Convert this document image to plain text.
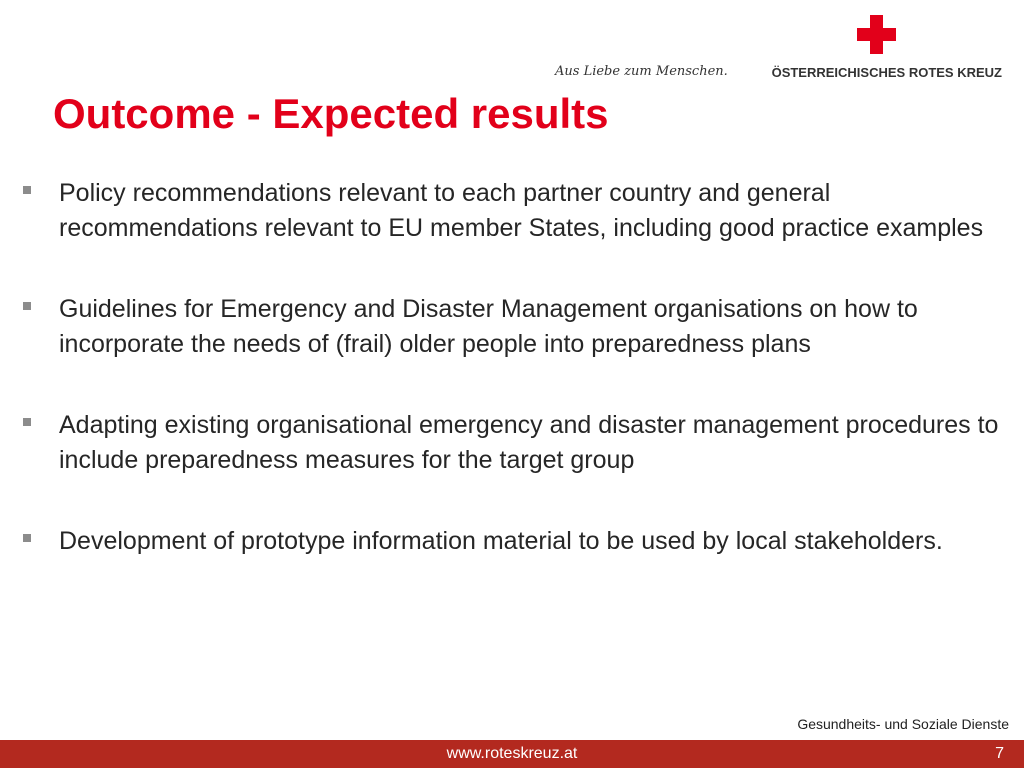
Aus Liebe zum Menschen.	ÖSTERREICHISCHES ROTES KREUZ
Outcome - Expected results
Policy recommendations relevant to each partner country and general recommendations relevant to EU member States, including good practice examples
Guidelines for Emergency and Disaster Management organisations on how to incorporate the needs of (frail) older people into preparedness plans
Adapting existing organisational emergency and disaster management procedures to include preparedness measures for the target group
Development of prototype information material to be used by local stakeholders.
Gesundheits- und Soziale Dienste
www.roteskreuz.at	7
